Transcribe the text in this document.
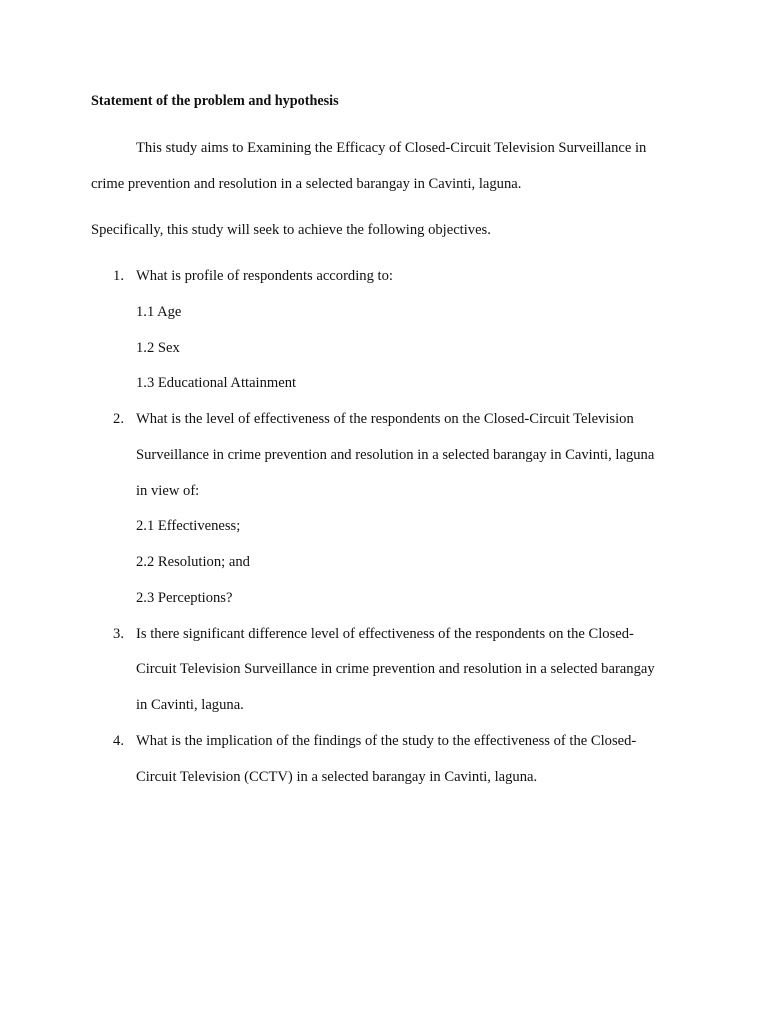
Statement of the problem and hypothesis
This study aims to Examining the Efficacy of Closed-Circuit Television Surveillance in
crime prevention and resolution in a selected barangay in Cavinti, laguna.
Specifically, this study will seek to achieve the following objectives.
1. What is profile of respondents according to:
1.1 Age
1.2 Sex
1.3 Educational Attainment
2. What is the level of effectiveness of the respondents on the Closed-Circuit Television
Surveillance in crime prevention and resolution in a selected barangay in Cavinti, laguna
in view of:
2.1 Effectiveness;
2.2 Resolution; and
2.3 Perceptions?
3. Is there significant difference level of effectiveness of the respondents on the Closed-
Circuit Television Surveillance in crime prevention and resolution in a selected barangay
in Cavinti, laguna.
4. What is the implication of the findings of the study to the effectiveness of the Closed-
Circuit Television (CCTV) in a selected barangay in Cavinti, laguna.
